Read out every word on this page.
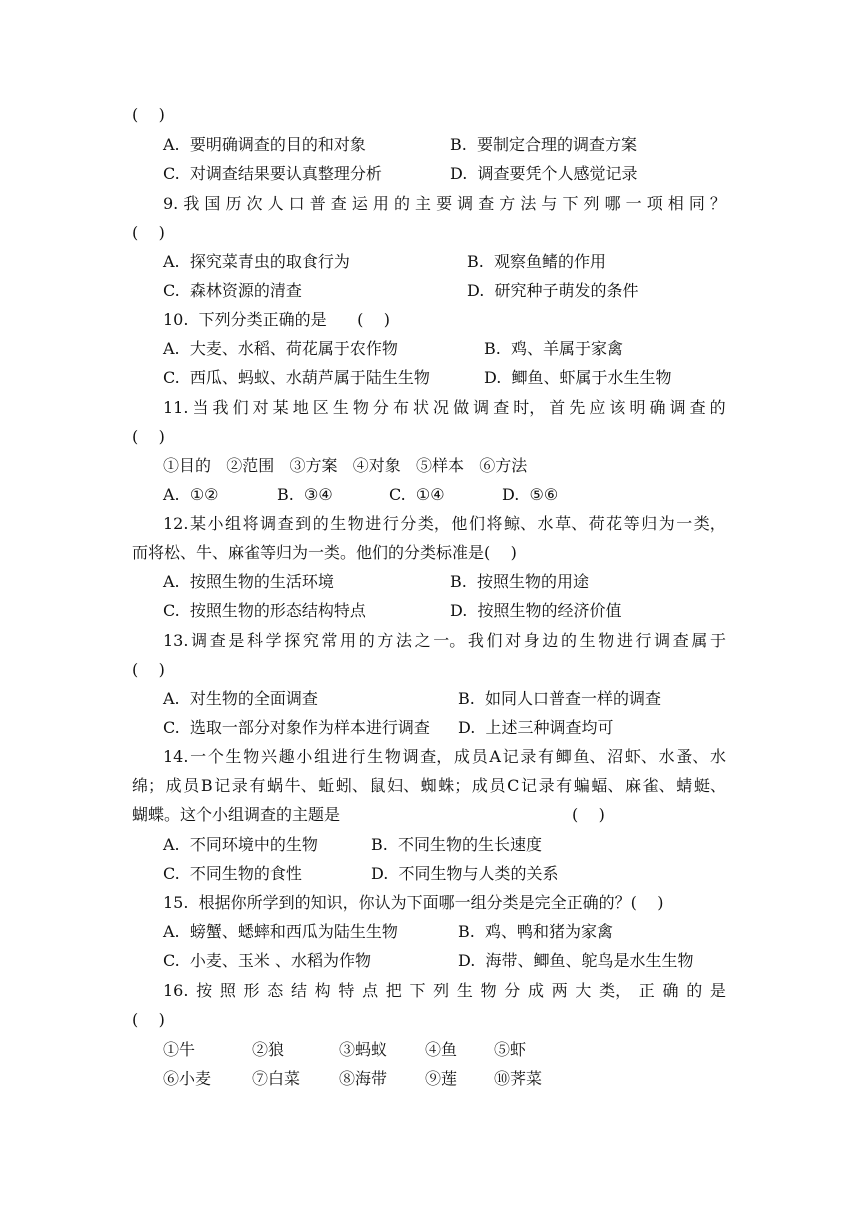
(    )
A.  要明确调查的目的和对象	B.  要制定合理的调查方案
C.  对调查结果要认真整理分析	D.  调查要凭个人感觉记录
9. 我 国 历 次 人 口 普 查 运 用 的 主 要 调 查 方 法 与 下 列 哪 一 项 相 同 ？
(    )
A.  探究菜青虫的取食行为	B.  观察鱼鳍的作用
C.  森林资源的清查	D.  研究种子萌发的条件
10.  下列分类正确的是      (    )
A.  大麦、水稻、荷花属于农作物	B.  鸡、羊属于家禽
C.  西瓜、蚂蚁、水葫芦属于陆生生物	D.  鲫鱼、虾属于水生生物
11. 当 我 们 对 某 地 区 生 物 分 布 状 况 做 调 查 时， 首 先 应 该 明 确 调 查 的
(    )
①目的   ②范围   ③方案   ④对象   ⑤样本   ⑥方法
A.  ①②	B.  ③④	C.  ①④	D.  ⑤⑥
12. 某 小 组 将 调 查 到 的 生 物 进 行 分 类， 他 们 将 鲸、 水 草、 荷 花 等 归 为 一 类，
而将松、牛、麻雀等归为一类。他们的分类标准是(    )
A.  按照生物的生活环境	B.  按照生物的用途
C.  按照生物的形态结构特点	D.  按照生物的经济价值
13. 调 查 是 科 学 探 究 常 用 的 方 法 之 一。 我 们 对 身 边 的 生 物 进 行 调 查 属 于
(    )
A.  对生物的全面调查	B.  如同人口普查一样的调查
C.  选取一部分对象作为样本进行调查 D.  上述三种调查均可
14. 一 个 生 物 兴 趣 小 组 进 行 生 物 调 查， 成 员 A 记 录 有 鲫 鱼、 沼 虾、 水 蚤、 水
绵； 成 员 B 记 录 有 蜗 牛、 蚯 蚓、 鼠 妇、 蜘 蛛； 成 员 C 记 录 有 蝙 蝠、 麻 雀、 蜻 蜓、
蝴蝶。这个小组调查的主题是	(    )
A.  不同环境中的生物	B.  不同生物的生长速度
C.  不同生物的食性	D.  不同生物与人类的关系
15.  根据你所学到的知识，你认为下面哪一组分类是完全正确的？(    )
A.  螃蟹、蟋蟀和西瓜为陆生生物	B.  鸡、鸭和猪为家禽
C.  小麦、玉米 、水稻为作物	D.  海带、鲫鱼、鸵鸟是水生生物
16. 按 照 形 态 结 构 特 点 把 下 列 生 物 分 成 两 大 类， 正 确 的 是
(    )
①牛	②狼	③蚂蚁 ④鱼 ⑤虾
⑥小麦	⑦白菜 ⑧海带 ⑨莲 ⑩荠菜
